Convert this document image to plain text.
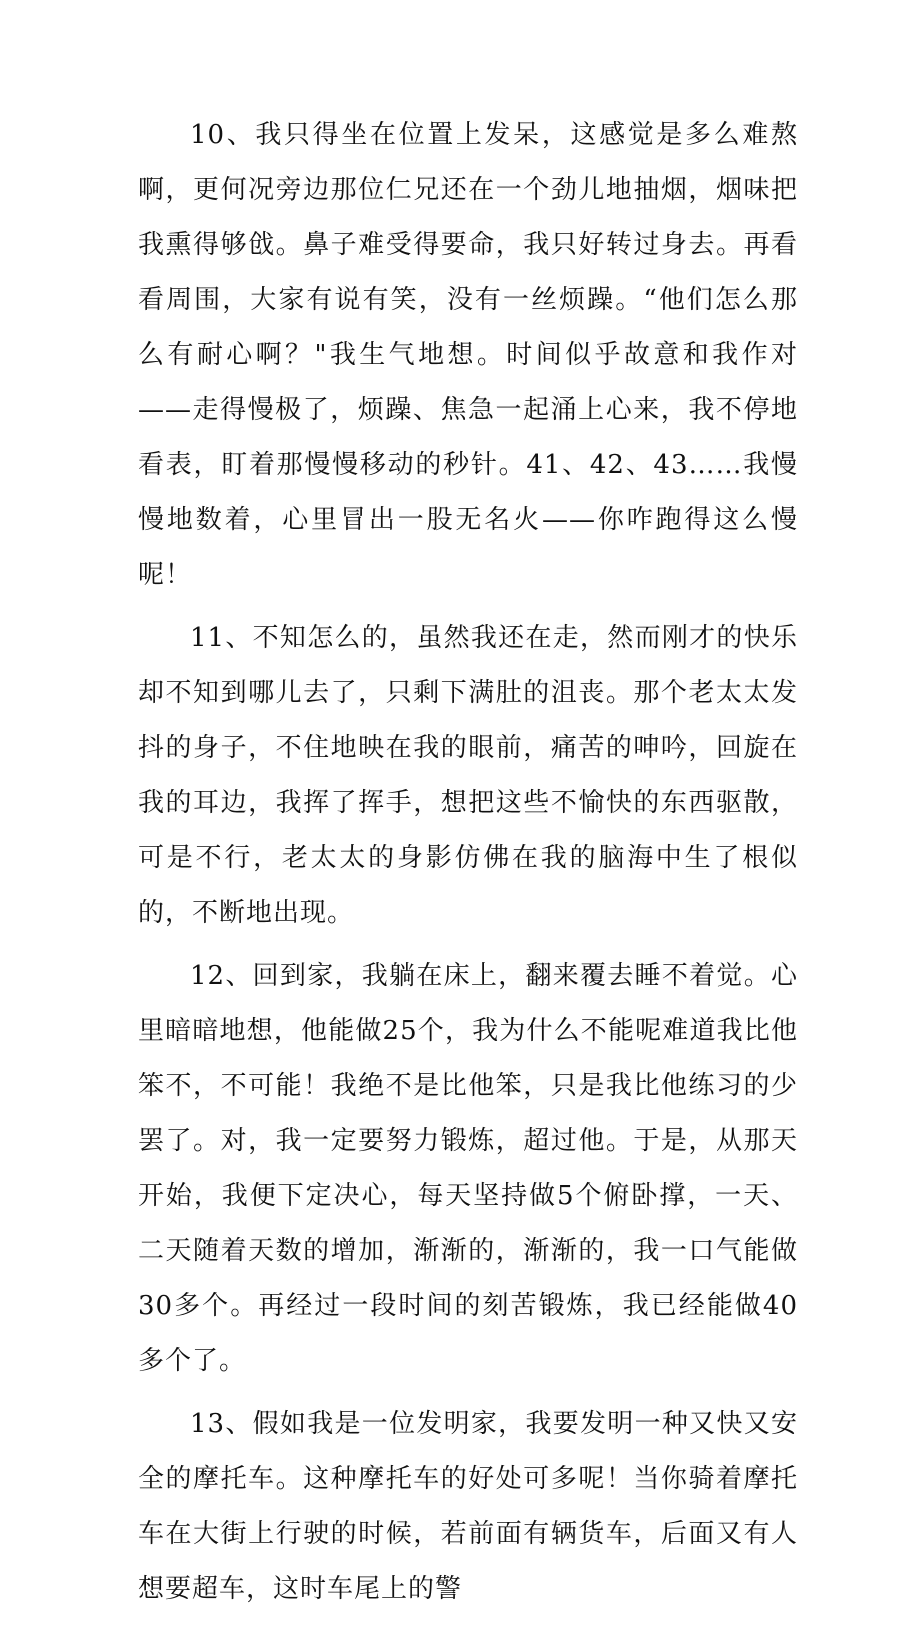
10、我只得坐在位置上发呆，这感觉是多么难熬啊，更何况旁边那位仁兄还在一个劲儿地抽烟，烟味把我熏得够戗。鼻子难受得要命，我只好转过身去。再看看周围，大家有说有笑，没有一丝烦躁。“他们怎么那么有耐心啊？"我生气地想。时间似乎故意和我作对——走得慢极了，烦躁、焦急一起涌上心来，我不停地看表，盯着那慢慢移动的秒针。41、42、43……我慢慢地数着，心里冒出一股无名火——你咋跑得这么慢呢！

11、不知怎么的，虽然我还在走，然而刚才的快乐却不知到哪儿去了，只剩下满肚的沮丧。那个老太太发抖的身子，不住地映在我的眼前，痛苦的呻吟，回旋在我的耳边，我挥了挥手，想把这些不愉快的东西驱散，可是不行，老太太的身影仿佛在我的脑海中生了根似的，不断地出现。

12、回到家，我躺在床上，翻来覆去睡不着觉。心里暗暗地想，他能做25个，我为什么不能呢难道我比他笨不，不可能！我绝不是比他笨，只是我比他练习的少罢了。对，我一定要努力锻炼，超过他。于是，从那天开始，我便下定决心，每天坚持做5个俯卧撑，一天、二天随着天数的增加，渐渐的，渐渐的，我一口气能做30多个。再经过一段时间的刻苦锻炼，我已经能做40多个了。

13、假如我是一位发明家，我要发明一种又快又安全的摩托车。这种摩托车的好处可多呢！当你骑着摩托车在大街上行驶的时候，若前面有辆货车，后面又有人想要超车，这时车尾上的警
